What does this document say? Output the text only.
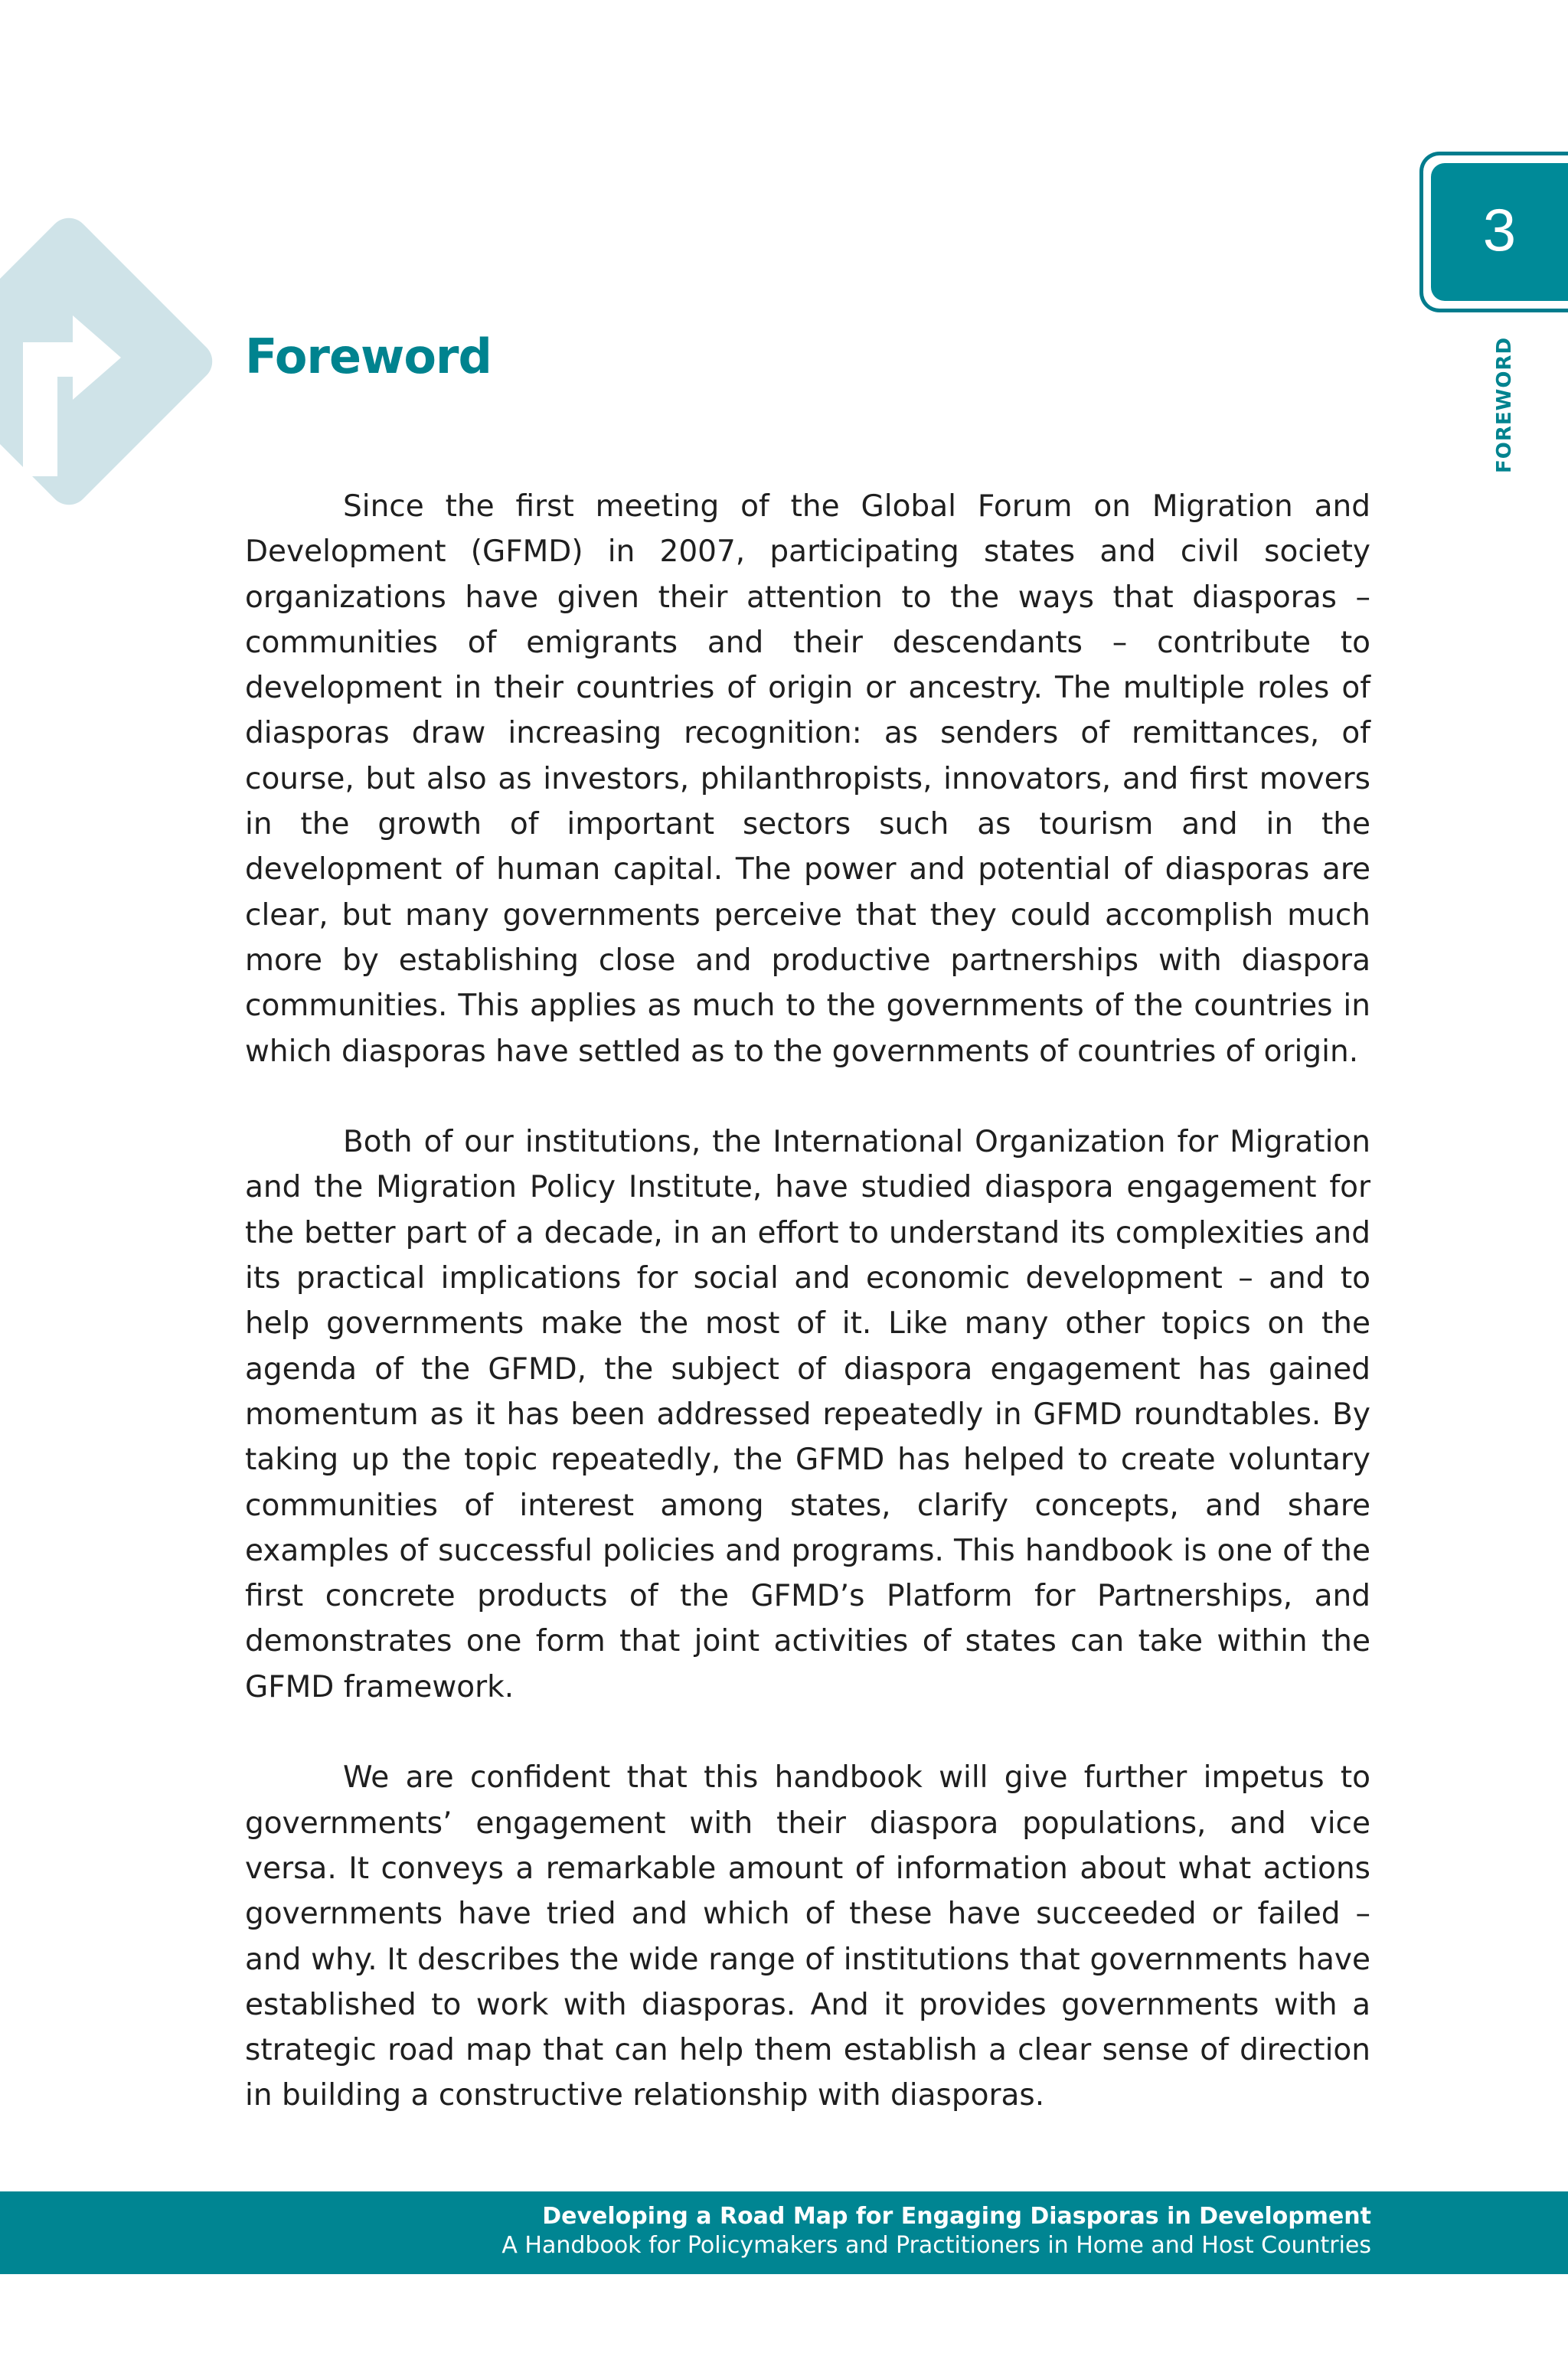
3
FOREWORD
Foreword

Since the first meeting of the Global Forum on Migration and Development (GFMD) in 2007, participating states and civil society organizations have given their attention to the ways that diasporas – communities of emigrants and their descendants – contribute to development in their countries of origin or ancestry. The multiple roles of diasporas draw increasing recognition: as senders of remittances, of course, but also as investors, philanthropists, innovators, and first movers in the growth of important sectors such as tourism and in the development of human capital. The power and potential of diasporas are clear, but many governments perceive that they could accomplish much more by establishing close and productive partnerships with diaspora communities. This applies as much to the governments of the countries in which diasporas have settled as to the governments of countries of origin.

Both of our institutions, the International Organization for Migration and the Migration Policy Institute, have studied diaspora engagement for the better part of a decade, in an effort to understand its complexities and its practical implications for social and economic development – and to help governments make the most of it. Like many other topics on the agenda of the GFMD, the subject of diaspora engagement has gained momentum as it has been addressed repeatedly in GFMD roundtables. By taking up the topic repeatedly, the GFMD has helped to create voluntary communities of interest among states, clarify concepts, and share examples of successful policies and programs. This handbook is one of the first concrete products of the GFMD’s Platform for Partnerships, and demonstrates one form that joint activities of states can take within the GFMD framework.

We are confident that this handbook will give further impetus to governments’ engagement with their diaspora populations, and vice versa. It conveys a remarkable amount of information about what actions governments have tried and which of these have succeeded or failed – and why. It describes the wide range of institutions that governments have established to work with diasporas. And it provides governments with a strategic road map that can help them establish a clear sense of direction in building a constructive relationship with diasporas.

Developing a Road Map for Engaging Diasporas in Development
A Handbook for Policymakers and Practitioners in Home and Host Countries
